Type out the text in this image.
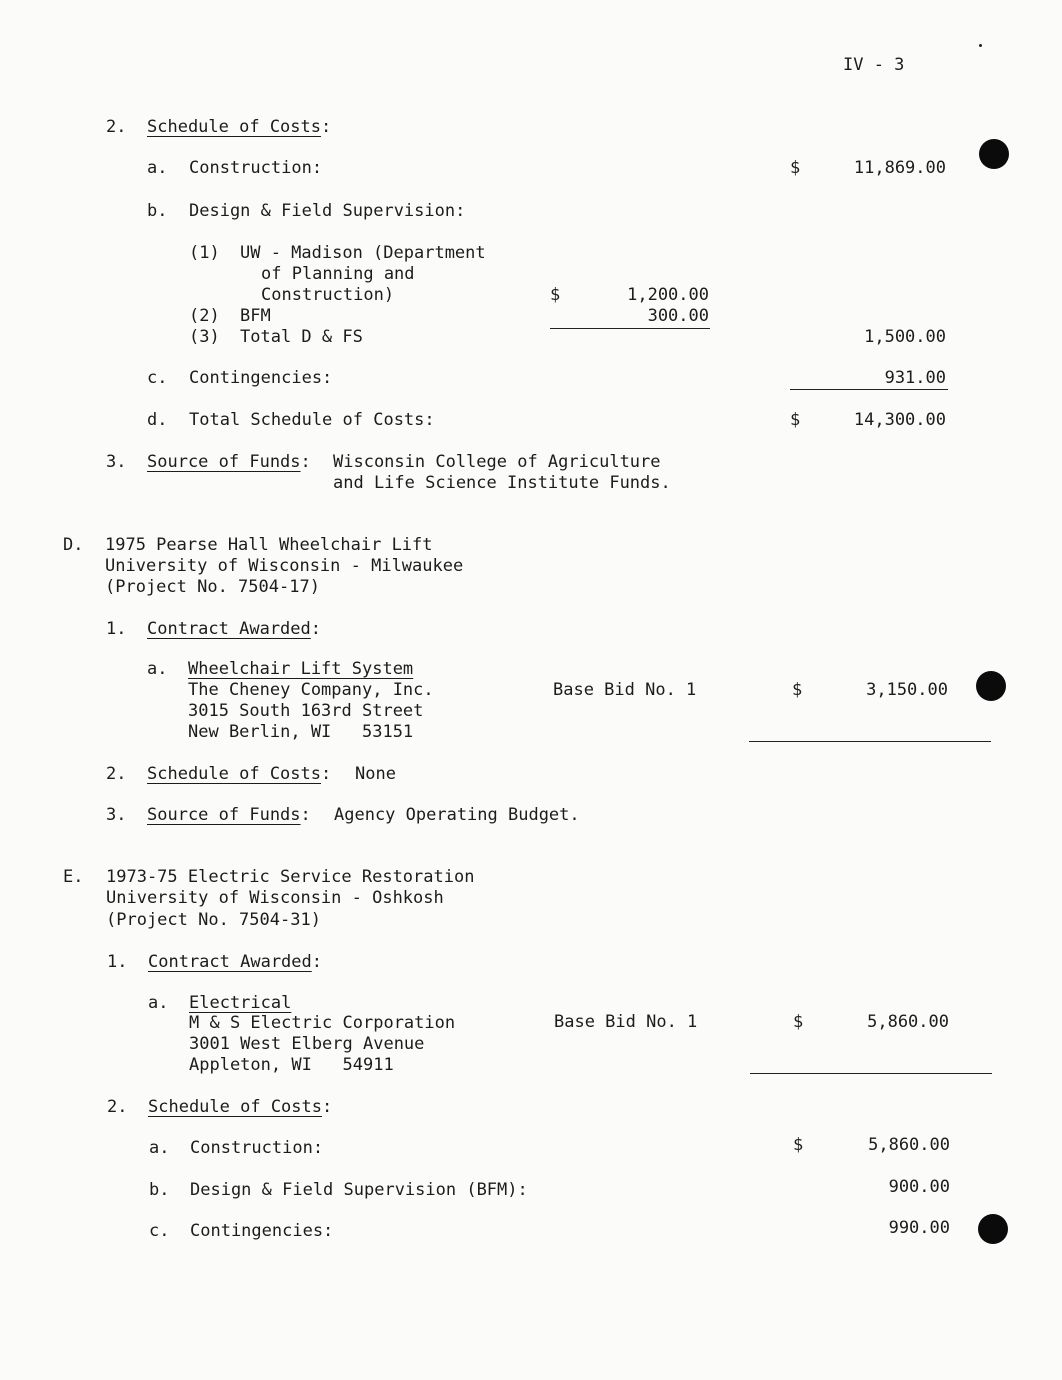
IV - 3
2. Schedule of Costs:
a. Construction:	$	11,869.00
b. Design & Field Supervision:
(1) UW - Madison (Department
of Planning and
Construction)	$	1,200.00
(2) BFM	300.00
(3) Total D & FS	1,500.00
c. Contingencies:	931.00
d. Total Schedule of Costs:	$	14,300.00
3. Source of Funds: Wisconsin College of Agriculture
and Life Science Institute Funds.
D. 1975 Pearse Hall Wheelchair Lift
University of Wisconsin - Milwaukee
(Project No. 7504-17)
1. Contract Awarded:
a. Wheelchair Lift System
The Cheney Company, Inc.
3015 South 163rd Street
New Berlin, WI   53151
Base Bid No. 1	$	3,150.00
2. Schedule of Costs: None
3. Source of Funds: Agency Operating Budget.
E. 1973-75 Electric Service Restoration
University of Wisconsin - Oshkosh
(Project No. 7504-31)
1. Contract Awarded:
a. Electrical
M & S Electric Corporation
3001 West Elberg Avenue
Appleton, WI   54911
Base Bid No. 1	$	5,860.00
2. Schedule of Costs:
a. Construction:	$	5,860.00
b. Design & Field Supervision (BFM):	900.00
c. Contingencies:	990.00
